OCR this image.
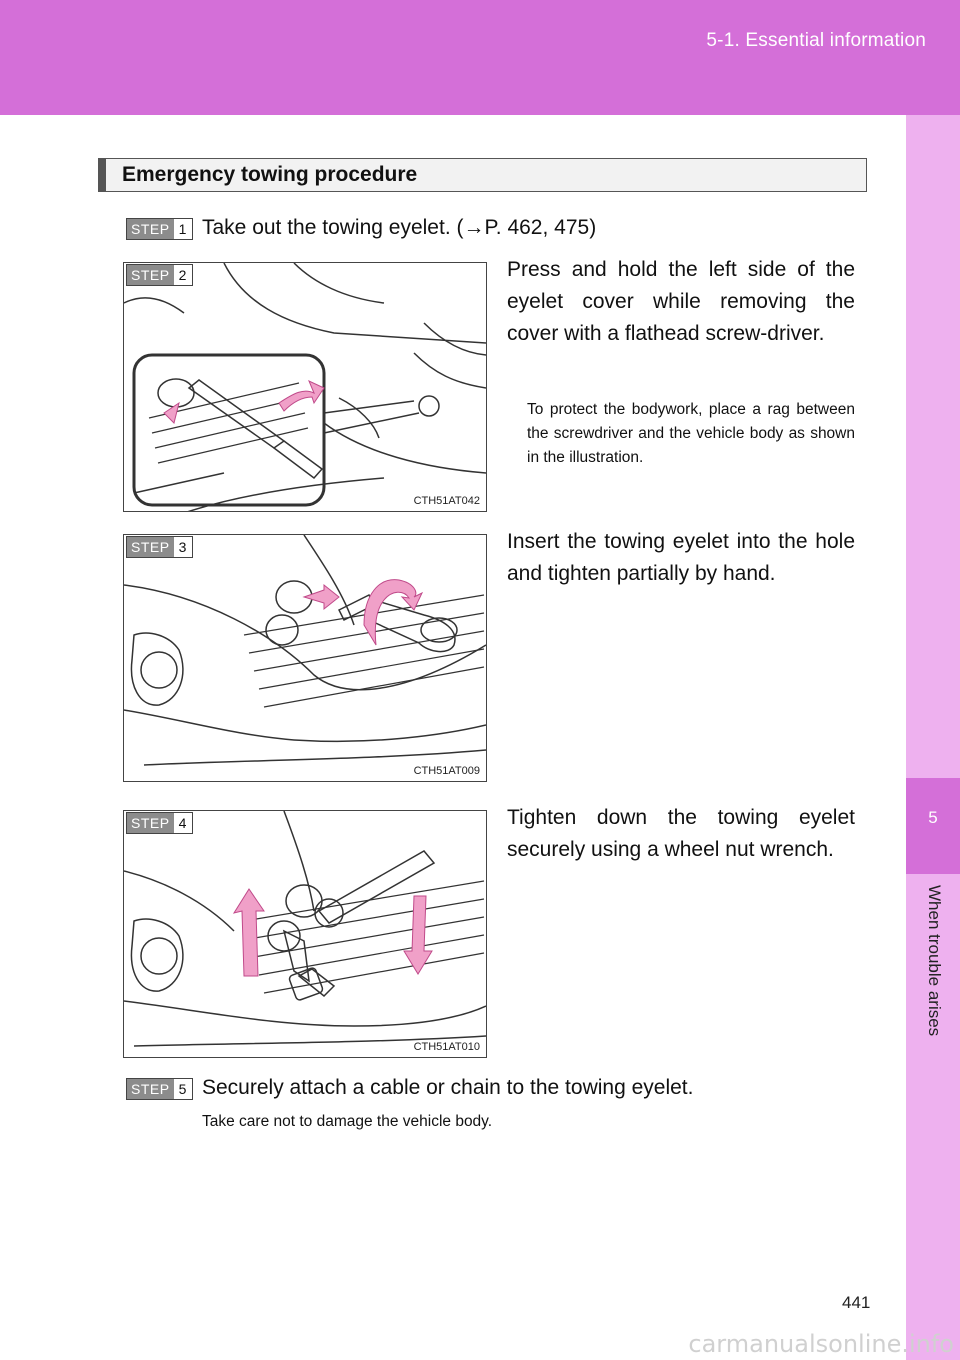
5-1. Essential information
5
When trouble arises
Emergency towing procedure
STEP 1 Take out the towing eyelet. (→P. 462, 475)
CTH51AT042
STEP 2	Press and hold the left side of the eyelet cover while removing the cover with a flathead screw-driver.
To protect the bodywork, place a rag between the screwdriver and the vehicle body as shown in the illustration.
CTH51AT009
STEP 3	Insert the towing eyelet into the hole and tighten partially by hand.
CTH51AT010
STEP 4	Tighten down the towing eyelet securely using a wheel nut wrench.
STEP 5 Securely attach a cable or chain to the towing eyelet.
Take care not to damage the vehicle body.
441
carmanualsonline.info
